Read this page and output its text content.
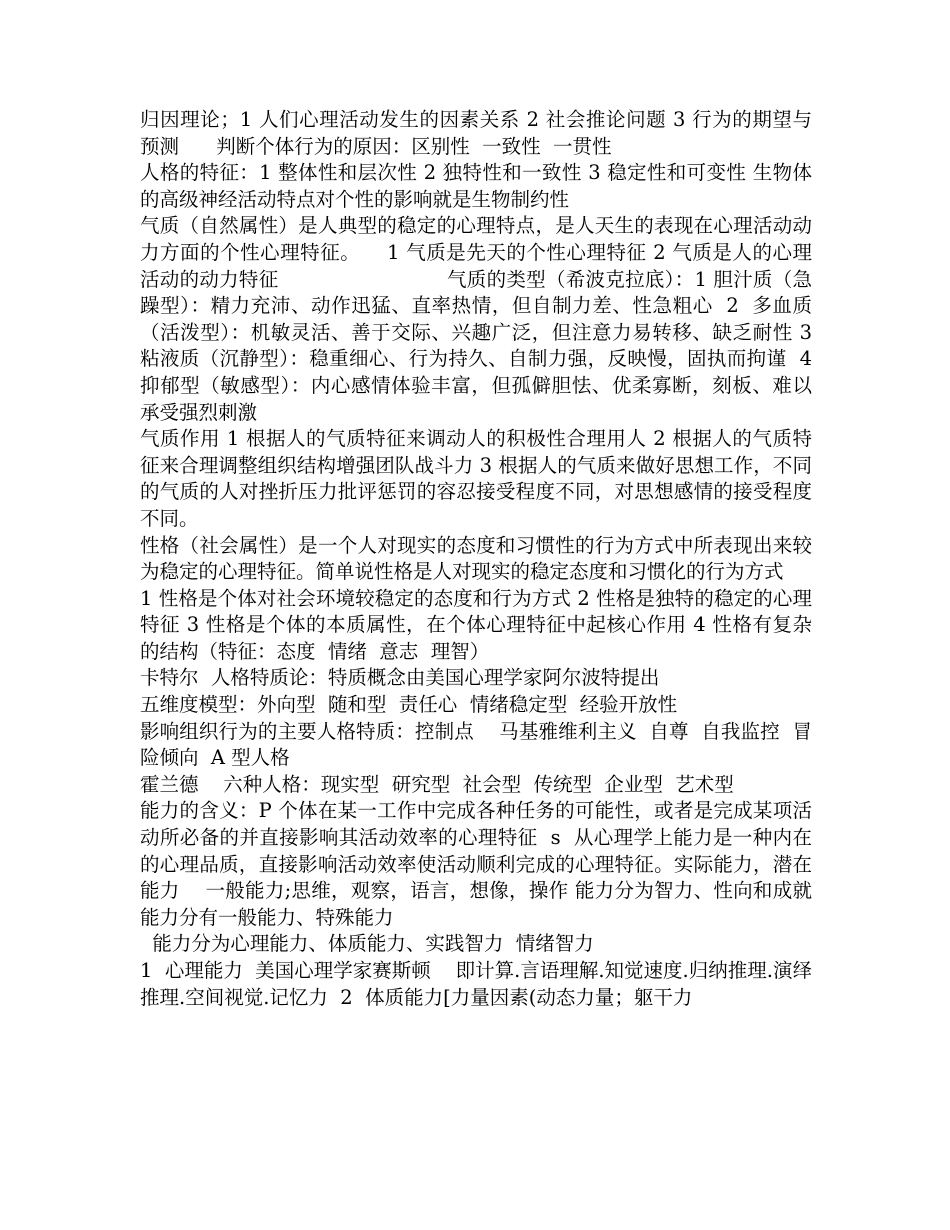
归因理论；1 人们心理活动发生的因素关系 2 社会推论问题 3 行为的期望与预测      判断个体行为的原因：区别性  一致性  一贯性

人格的特征：1 整体性和层次性 2 独特性和一致性 3 稳定性和可变性 生物体的高级神经活动特点对个性的影响就是生物制约性

气质（自然属性）是人典型的稳定的心理特点，是人天生的表现在心理活动动力方面的个性心理特征。    1 气质是先天的个性心理特征 2 气质是人的心理活动的动力特征                          气质的类型（希波克拉底）：1 胆汁质（急躁型）：精力充沛、动作迅猛、直率热情，但自制力差、性急粗心  2  多血质（活泼型）：机敏灵活、善于交际、兴趣广泛，但注意力易转移、缺乏耐性 3 粘液质（沉静型）：稳重细心、行为持久、自制力强，反映慢，固执而拘谨  4  抑郁型（敏感型）：内心感情体验丰富，但孤僻胆怯、优柔寡断，刻板、难以承受强烈刺激

气质作用 1 根据人的气质特征来调动人的积极性合理用人 2 根据人的气质特征来合理调整组织结构增强团队战斗力 3 根据人的气质来做好思想工作，不同的气质的人对挫折压力批评惩罚的容忍接受程度不同，对思想感情的接受程度不同。

性格（社会属性）是一个人对现实的态度和习惯性的行为方式中所表现出来较为稳定的心理特征。简单说性格是人对现实的稳定态度和习惯化的行为方式

1 性格是个体对社会环境较稳定的态度和行为方式 2 性格是独特的稳定的心理特征 3 性格是个体的本质属性，在个体心理特征中起核心作用 4 性格有复杂的结构（特征：态度  情绪  意志  理智）

卡特尔  人格特质论：特质概念由美国心理学家阿尔波特提出

五维度模型：外向型  随和型  责任心  情绪稳定型  经验开放性

影响组织行为的主要人格特质：控制点    马基雅维利主义  自尊  自我监控  冒险倾向  A 型人格

霍兰德    六种人格：现实型  研究型  社会型  传统型  企业型  艺术型

能力的含义：P 个体在某一工作中完成各种任务的可能性，或者是完成某项活动所必备的并直接影响其活动效率的心理特征  s  从心理学上能力是一种内在的心理品质，直接影响活动效率使活动顺利完成的心理特征。实际能力，潜在能力    一般能力;思维，观察，语言，想像，操作 能力分为智力、性向和成就    能力分有一般能力、特殊能力

能力分为心理能力、体质能力、实践智力  情绪智力

1  心理能力  美国心理学家赛斯顿    即计算.言语理解.知觉速度.归纳推理.演绎推理.空间视觉.记忆力  2  体质能力[力量因素(动态力量；躯干力
